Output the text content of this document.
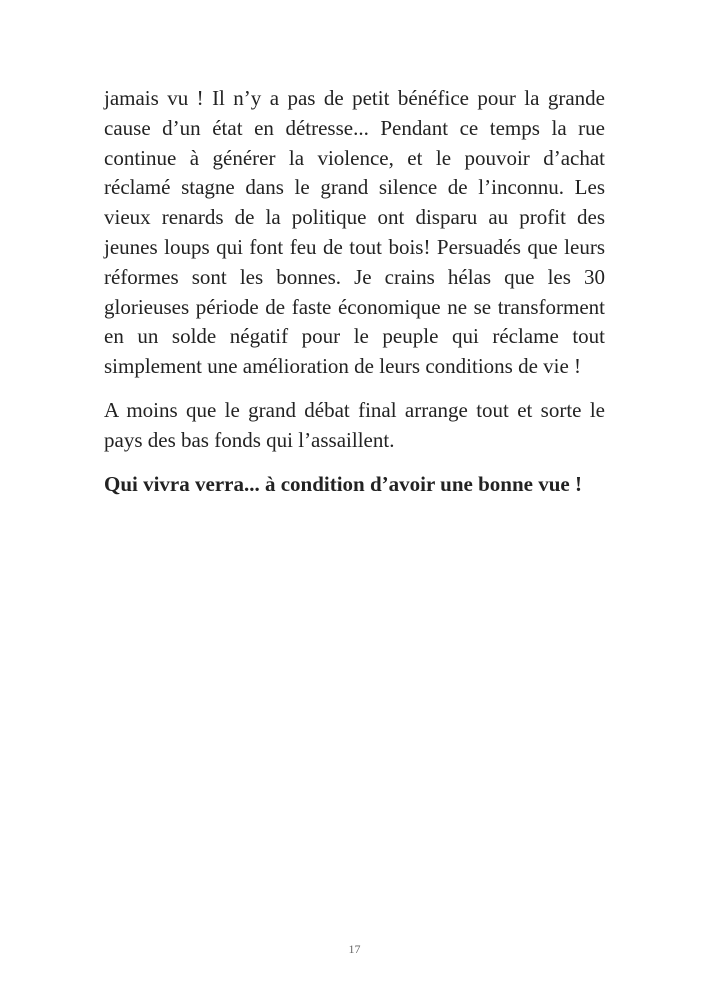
jamais vu ! Il n’y a pas de petit bénéfice pour la grande cause d’un état en détresse... Pendant ce temps la rue continue à générer la violence, et le pouvoir d’achat réclamé stagne dans le grand silence de l’inconnu. Les vieux renards de la politique ont disparu au profit des jeunes loups qui font feu de tout bois! Persuadés que leurs réformes sont les bonnes. Je crains hélas que les 30 glorieuses période de faste économique ne se transforment en un solde négatif pour le peuple qui réclame tout simplement une amélioration de leurs conditions de vie !

A moins que le grand débat final arrange tout et sorte le pays des bas fonds qui l’assaillent.

Qui vivra verra... à condition d’avoir une bonne vue !

17
